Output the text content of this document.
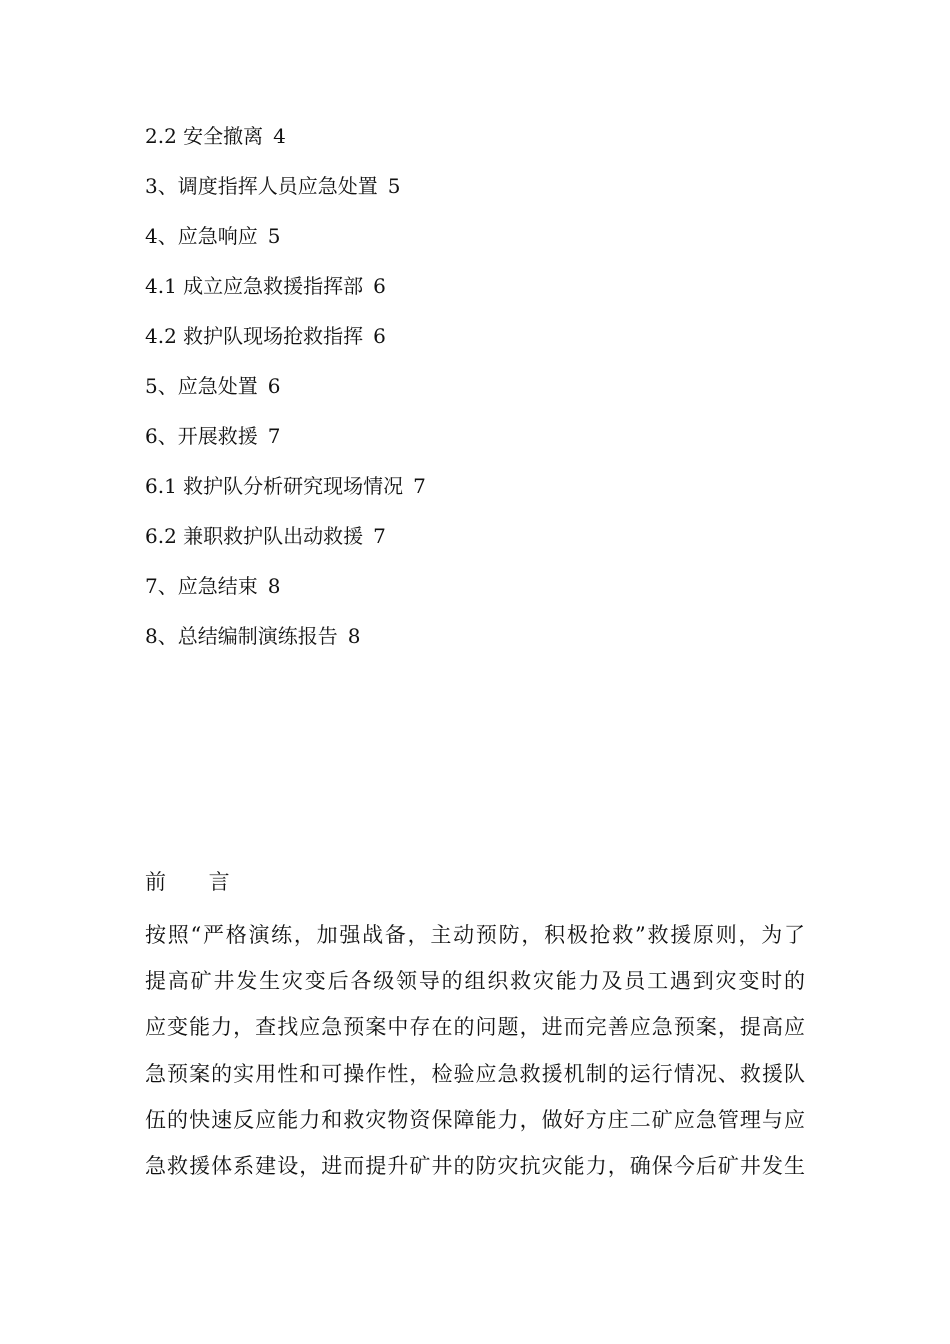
2.2 安全撤离 4
3、调度指挥人员应急处置 5
4、应急响应 5
4.1 成立应急救援指挥部 6
4.2 救护队现场抢救指挥 6
5、应急处置 6
6、开展救援 7
6.1 救护队分析研究现场情况 7
6.2 兼职救护队出动救援 7
7、应急结束 8
8、总结编制演练报告 8
前 言
按照“严格演练，加强战备，主动预防，积极抢救”救援原则，为了
提高矿井发生灾变后各级领导的组织救灾能力及员工遇到灾变时的
应变能力，查找应急预案中存在的问题，进而完善应急预案，提高应
急预案的实用性和可操作性，检验应急救援机制的运行情况、救援队
伍的快速反应能力和救灾物资保障能力，做好方庄二矿应急管理与应
急救援体系建设，进而提升矿井的防灾抗灾能力，确保今后矿井发生
